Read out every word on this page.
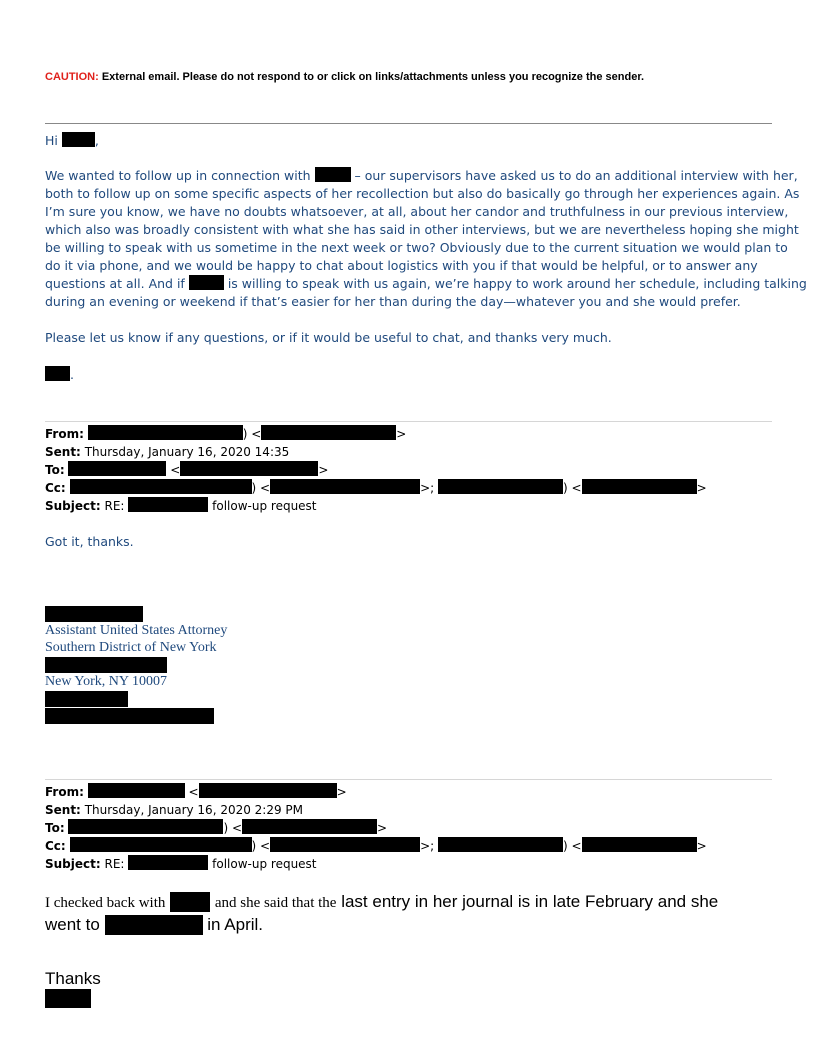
CAUTION: External email. Please do not respond to or click on links/attachments unless you recognize the sender.
Hi	,

We wanted to follow up in connection with	– our supervisors have asked us to do an additional interview with her,

both to follow up on some specific aspects of her recollection but also do basically go through her experiences again. As

I’m sure you know, we have no doubts whatsoever, at all, about her candor and truthfulness in our previous interview,

which also was broadly consistent with what she has said in other interviews, but we are nevertheless hoping she might

be willing to speak with us sometime in the next week or two? Obviously due to the current situation we would plan to

do it via phone, and we would be happy to chat about logistics with you if that would be helpful, or to answer any

questions at all. And if	is willing to speak with us again, we’re happy to work around her schedule, including talking

during an evening or weekend if that’s easier for her than during the day—whatever you and she would prefer.

Please let us know if any questions, or if it would be useful to chat, and thanks very much.
.
From:	) <	>
Sent: Thursday, January 16, 2020 14:35
To:	<	>
Cc:	) <	>;	) <	>
Subject: RE:	follow-up request
Got it, thanks.
Assistant United States Attorney
Southern District of New York
New York, NY 10007
From:	<	>
Sent: Thursday, January 16, 2020 2:29 PM
To:	) <	>
Cc:	) <	>;	) <	>
Subject: RE:	follow-up request
I checked back with	and she said that the last entry in her journal is in late February and she
went to	in April.
Thanks
